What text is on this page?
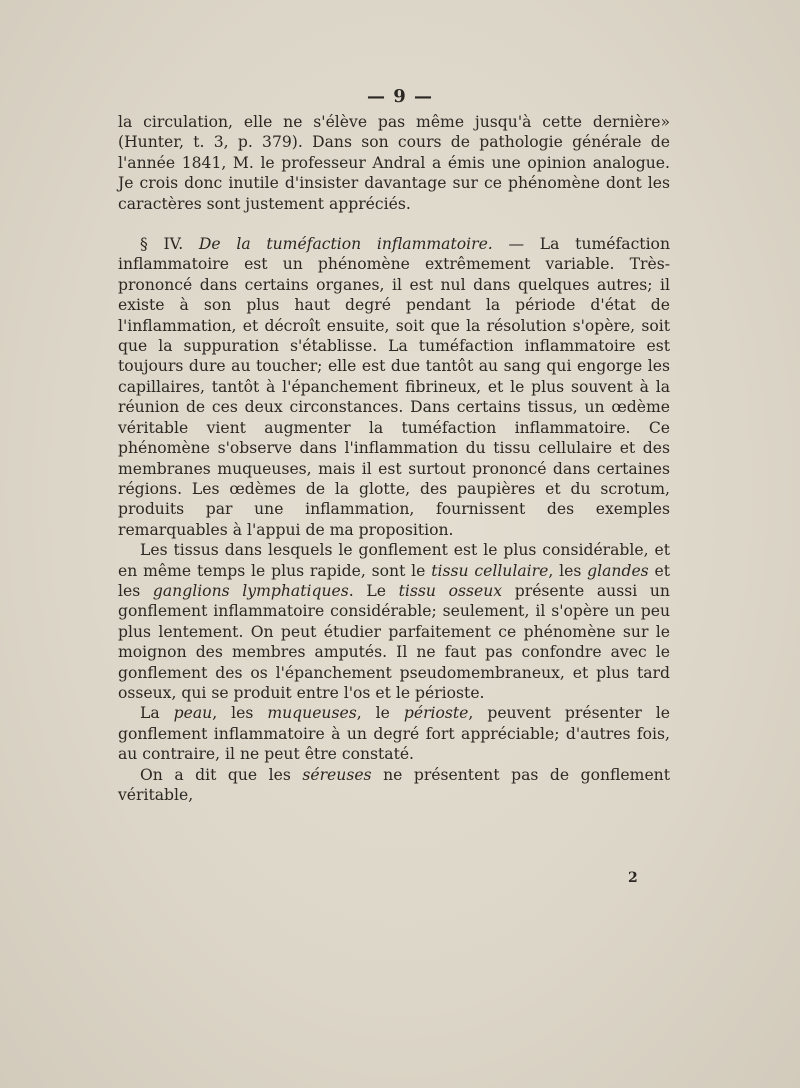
— 9 —

la circulation, elle ne s'élève pas même jusqu'à cette dernière» (Hunter, t. 3, p. 379). Dans son cours de pathologie générale de l'année 1841, M. le professeur Andral a émis une opinion analogue. Je crois donc inutile d'insister davantage sur ce phénomène dont les caractères sont justement appréciés.

§ IV. De la tuméfaction inflammatoire. — La tuméfaction inflammatoire est un phénomène extrêmement variable. Très-prononcé dans certains organes, il est nul dans quelques autres; il existe à son plus haut degré pendant la période d'état de l'inflammation, et décroît ensuite, soit que la résolution s'opère, soit que la suppuration s'établisse. La tuméfaction inflammatoire est toujours dure au toucher; elle est due tantôt au sang qui engorge les capillaires, tantôt à l'épanchement fibrineux, et le plus souvent à la réunion de ces deux circonstances. Dans certains tissus, un œdème véritable vient augmenter la tuméfaction inflammatoire. Ce phénomène s'observe dans l'inflammation du tissu cellulaire et des membranes muqueuses, mais il est surtout prononcé dans certaines régions. Les œdèmes de la glotte, des paupières et du scrotum, produits par une inflammation, fournissent des exemples remarquables à l'appui de ma proposition.

Les tissus dans lesquels le gonflement est le plus considérable, et en même temps le plus rapide, sont le tissu cellulaire, les glandes et les ganglions lymphatiques. Le tissu osseux présente aussi un gonflement inflammatoire considérable; seulement, il s'opère un peu plus lentement. On peut étudier parfaitement ce phénomène sur le moignon des membres amputés. Il ne faut pas confondre avec le gonflement des os l'épanchement pseudomembraneux, et plus tard osseux, qui se produit entre l'os et le périoste.

La peau, les muqueuses, le périoste, peuvent présenter le gonflement inflammatoire à un degré fort appréciable; d'autres fois, au contraire, il ne peut être constaté.

On a dit que les séreuses ne présentent pas de gonflement véritable,

2
